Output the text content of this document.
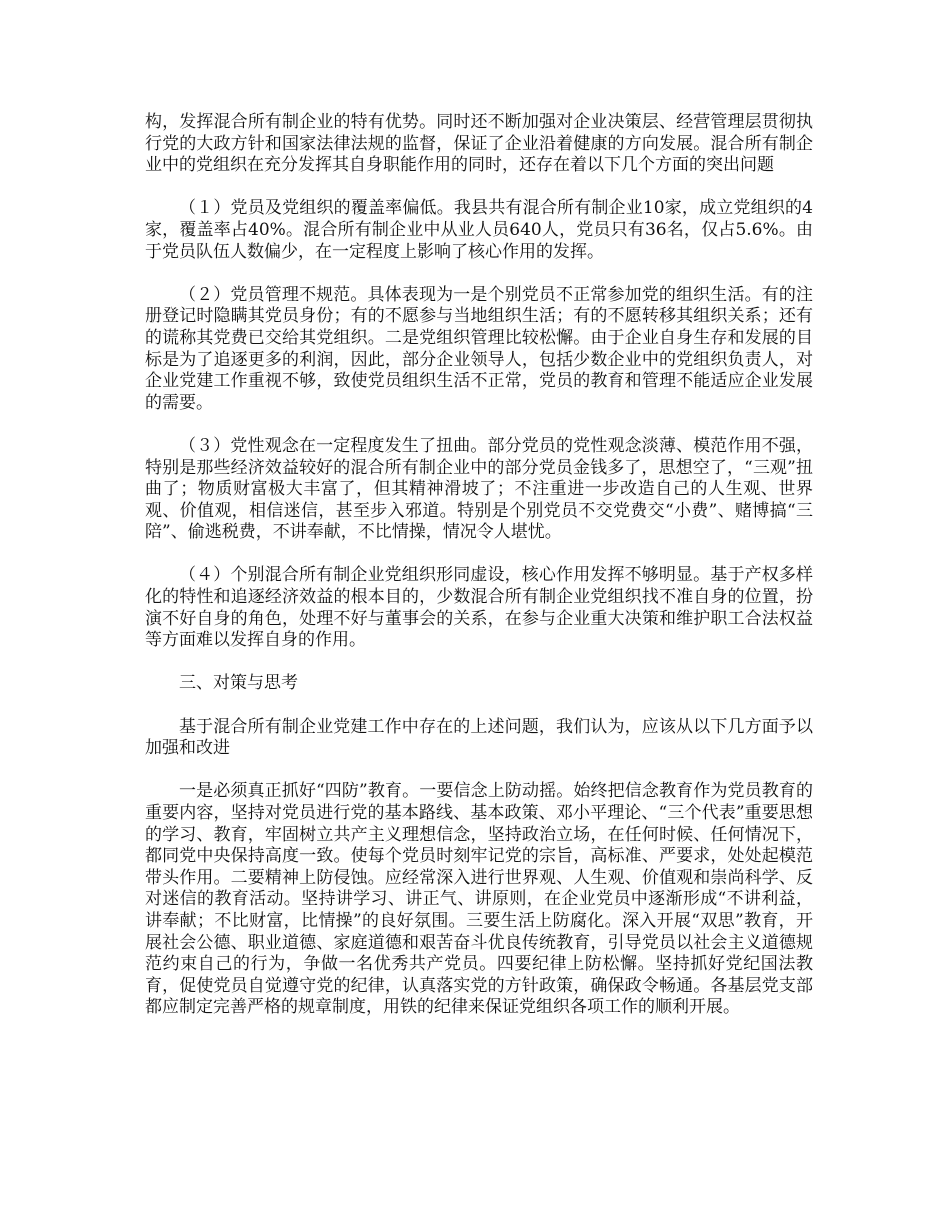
构，发挥混合所有制企业的特有优势。同时还不断加强对企业决策层、经营管理层贯彻执行党的大政方针和国家法律法规的监督，保证了企业沿着健康的方向发展。混合所有制企业中的党组织在充分发挥其自身职能作用的同时，还存在着以下几个方面的突出问题

（１）党员及党组织的覆盖率偏低。我县共有混合所有制企业10家，成立党组织的4家，覆盖率占40%。混合所有制企业中从业人员640人，党员只有36名，仅占5.6%。由于党员队伍人数偏少，在一定程度上影响了核心作用的发挥。

（２）党员管理不规范。具体表现为一是个别党员不正常参加党的组织生活。有的注册登记时隐瞒其党员身份；有的不愿参与当地组织生活；有的不愿转移其组织关系；还有的谎称其党费已交给其党组织。二是党组织管理比较松懈。由于企业自身生存和发展的目标是为了追逐更多的利润，因此，部分企业领导人，包括少数企业中的党组织负责人，对企业党建工作重视不够，致使党员组织生活不正常，党员的教育和管理不能适应企业发展的需要。

（３）党性观念在一定程度发生了扭曲。部分党员的党性观念淡薄、模范作用不强，特别是那些经济效益较好的混合所有制企业中的部分党员金钱多了，思想空了，“三观”扭曲了；物质财富极大丰富了，但其精神滑坡了；不注重进一步改造自己的人生观、世界观、价值观，相信迷信，甚至步入邪道。特别是个别党员不交党费交“小费”、赌博搞“三陪”、偷逃税费，不讲奉献，不比情操，情况令人堪忧。

（４）个别混合所有制企业党组织形同虚设，核心作用发挥不够明显。基于产权多样化的特性和追逐经济效益的根本目的，少数混合所有制企业党组织找不准自身的位置，扮演不好自身的角色，处理不好与董事会的关系，在参与企业重大决策和维护职工合法权益等方面难以发挥自身的作用。

三、对策与思考

基于混合所有制企业党建工作中存在的上述问题，我们认为，应该从以下几方面予以加强和改进

一是必须真正抓好“四防”教育。一要信念上防动摇。始终把信念教育作为党员教育的重要内容，坚持对党员进行党的基本路线、基本政策、邓小平理论、“三个代表”重要思想的学习、教育，牢固树立共产主义理想信念，坚持政治立场，在任何时候、任何情况下，都同党中央保持高度一致。使每个党员时刻牢记党的宗旨，高标准、严要求，处处起模范带头作用。二要精神上防侵蚀。应经常深入进行世界观、人生观、价值观和崇尚科学、反对迷信的教育活动。坚持讲学习、讲正气、讲原则，在企业党员中逐渐形成“不讲利益，讲奉献；不比财富，比情操”的良好氛围。三要生活上防腐化。深入开展“双思”教育，开展社会公德、职业道德、家庭道德和艰苦奋斗优良传统教育，引导党员以社会主义道德规范约束自己的行为，争做一名优秀共产党员。四要纪律上防松懈。坚持抓好党纪国法教育，促使党员自觉遵守党的纪律，认真落实党的方针政策，确保政令畅通。各基层党支部都应制定完善严格的规章制度，用铁的纪律来保证党组织各项工作的顺利开展。
